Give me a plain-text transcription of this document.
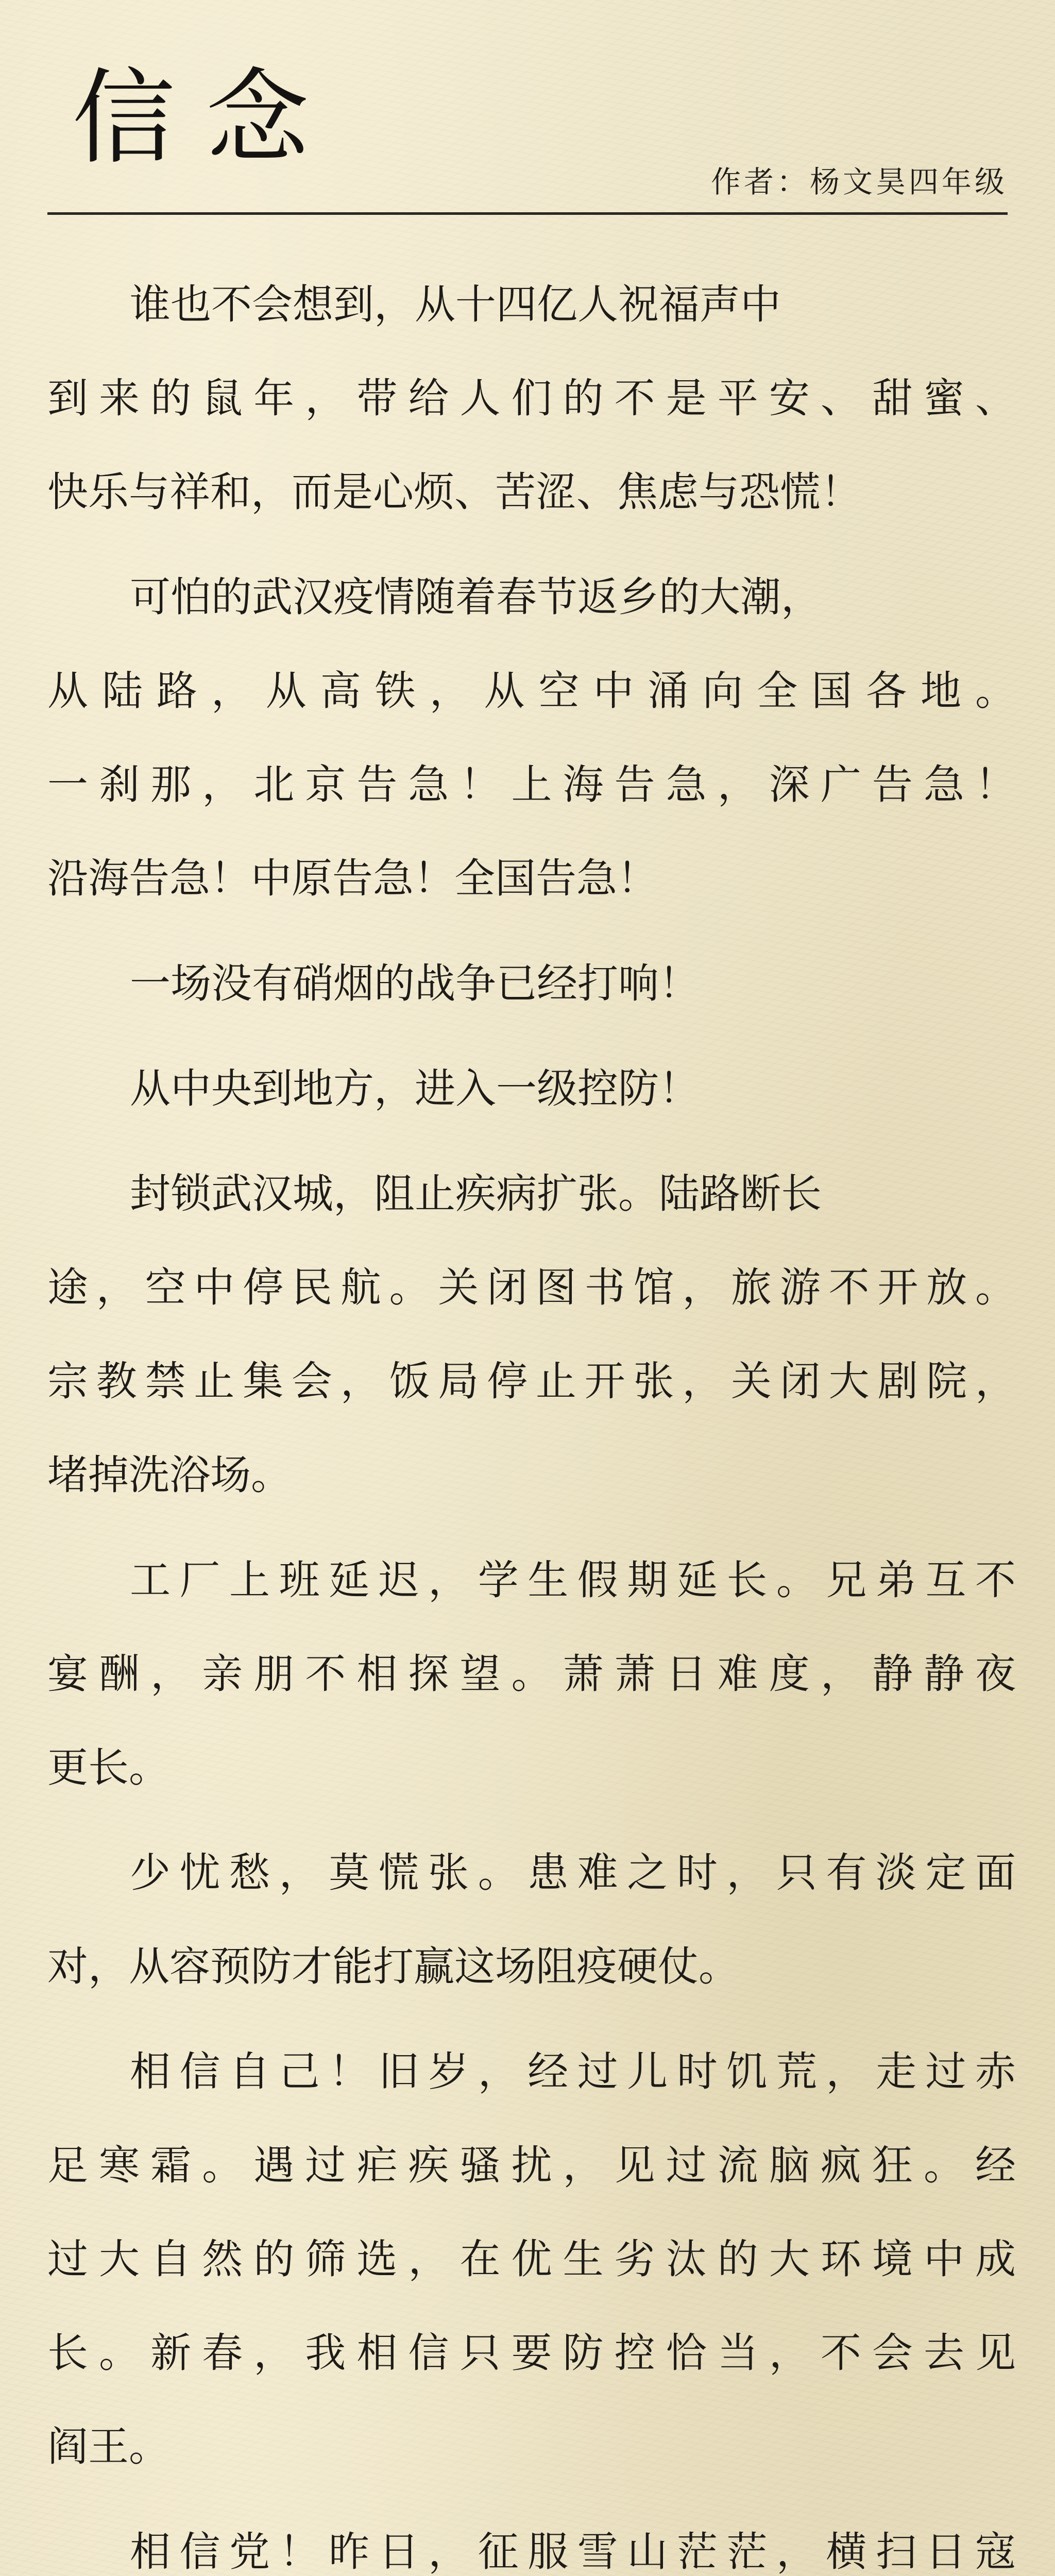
信念
作者：杨文昊四年级
谁也不会想到，从十四亿人祝福声中
到来的鼠年，带给人们的不是平安、甜蜜、
快乐与祥和，而是心烦、苦涩、焦虑与恐慌！
可怕的武汉疫情随着春节返乡的大潮，
从陆路，从高铁，从空中涌向全国各地。
一刹那，北京告急！上海告急，深广告急！
沿海告急！中原告急！全国告急！
一场没有硝烟的战争已经打响！
从中央到地方，进入一级控防！
封锁武汉城，阻止疾病扩张。陆路断长
途，空中停民航。关闭图书馆，旅游不开放。
宗教禁止集会，饭局停止开张，关闭大剧院，
堵掉洗浴场。
工厂上班延迟，学生假期延长。兄弟互不
宴酬，亲朋不相探望。萧萧日难度，静静夜
更长。
少忧愁，莫慌张。患难之时，只有淡定面
对，从容预防才能打赢这场阻疫硬仗。
相信自己！旧岁，经过儿时饥荒，走过赤
足寒霜。遇过疟疾骚扰，见过流脑疯狂。经
过大自然的筛选，在优生劣汰的大环境中成
长。新春，我相信只要防控恰当，不会去见
阎王。
相信党！昨日，征服雪山茫茫，横扫日寇
